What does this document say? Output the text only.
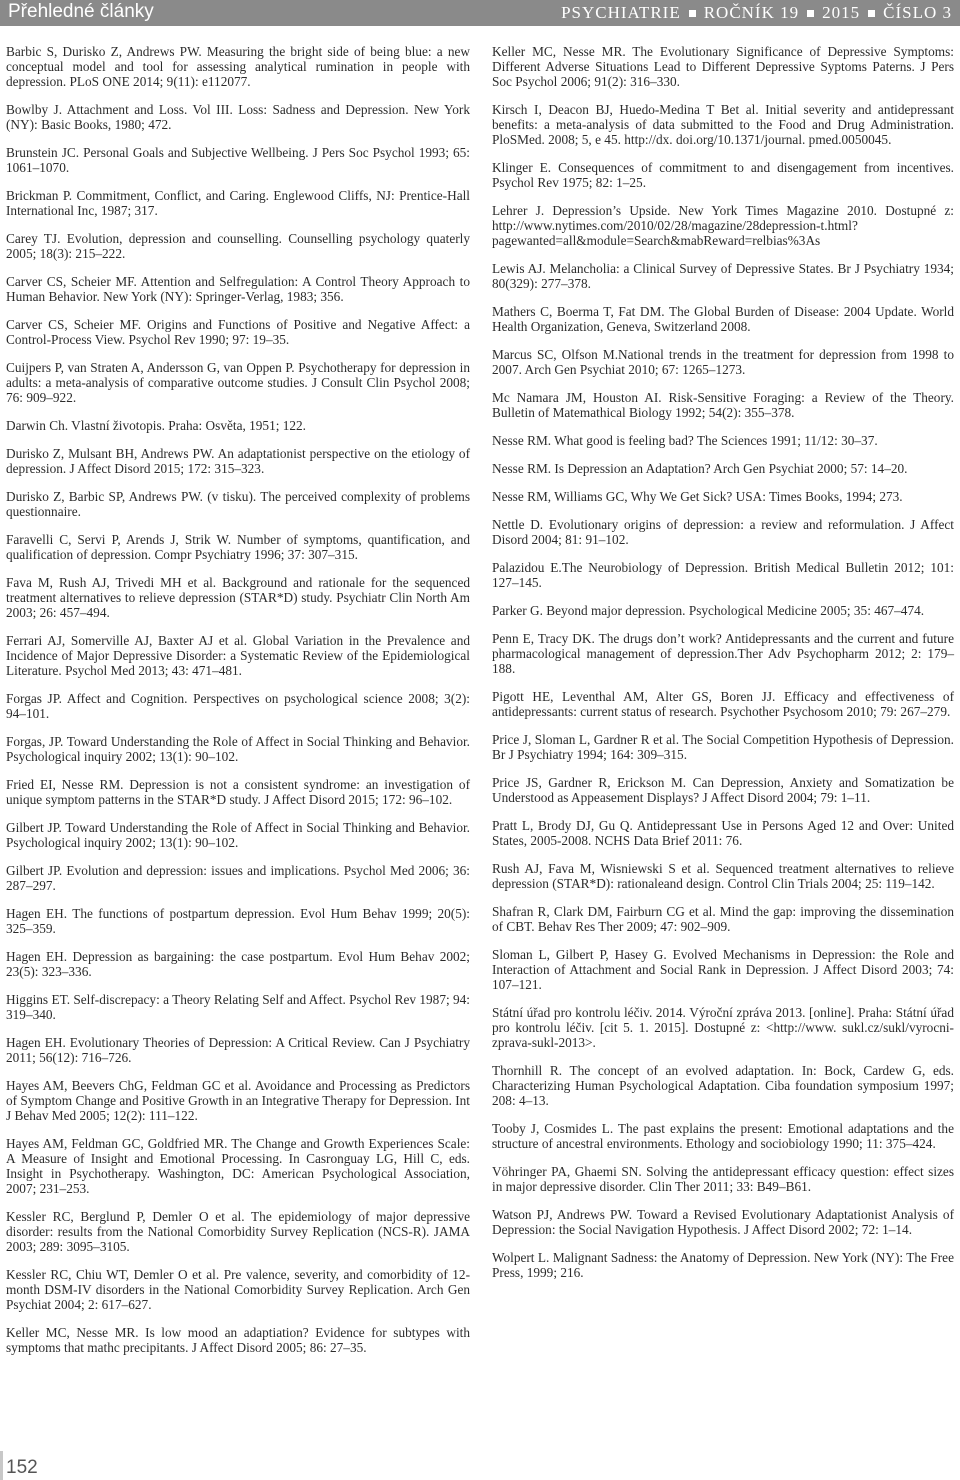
Přehledné články	PSYCHIATRIE ROČNÍK 19 2015 ČÍSLO 3

Barbic S, Durisko Z, Andrews PW. Measuring the bright side of being blue: a new conceptual model and tool for assessing analytical rumination in people with depression. PLoS ONE 2014; 9(11): e112077.

Bowlby J. Attachment and Loss. Vol III. Loss: Sadness and Depression. New York (NY): Basic Books, 1980; 472.

Brunstein JC. Personal Goals and Subjective Wellbeing. J Pers Soc Psychol 1993; 65: 1061–1070.

Brickman P. Commitment, Conflict, and Caring. Englewood Cliffs, NJ: Prentice-Hall International Inc, 1987; 317.

Carey TJ. Evolution, depression and counselling. Counselling psychology quaterly 2005; 18(3): 215–222.

Carver CS, Scheier MF. Attention and Selfregulation: A Control Theory Approach to Human Behavior. New York (NY): Springer-Verlag, 1983; 356.

Carver CS, Scheier MF. Origins and Functions of Positive and Negative Affect: a Control-Process View. Psychol Rev 1990; 97: 19–35.

Cuijpers P, van Straten A, Andersson G, van Oppen P. Psychotherapy for depression in adults: a meta-analysis of comparative outcome studies. J Consult Clin Psychol 2008; 76: 909–922.

Darwin Ch. Vlastní životopis. Praha: Osvěta, 1951; 122.

Durisko Z, Mulsant BH, Andrews PW. An adaptationist perspective on the etiology of depression. J Affect Disord 2015; 172: 315–323.

Durisko Z, Barbic SP, Andrews PW. (v tisku). The perceived complexity of problems questionnaire.

Faravelli C, Servi P, Arends J, Strik W. Number of symptoms, quantification, and qualification of depression. Compr Psychiatry 1996; 37: 307–315.

Fava M, Rush AJ, Trivedi MH et al. Background and rationale for the sequenced treatment alternatives to relieve depression (STAR*D) study. Psychiatr Clin North Am 2003; 26: 457–494.

Ferrari AJ, Somerville AJ, Baxter AJ et al. Global Variation in the Prevalence and Incidence of Major Depressive Disorder: a Systematic Review of the Epidemiological Literature. Psychol Med 2013; 43: 471–481.

Forgas JP. Affect and Cognition. Perspectives on psychological science 2008; 3(2): 94–101.

Forgas, JP. Toward Understanding the Role of Affect in Social Thinking and Behavior. Psychological inquiry 2002; 13(1): 90–102.

Fried EI, Nesse RM. Depression is not a consistent syndrome: an investigation of unique symptom patterns in the STAR*D study. J Affect Disord 2015; 172: 96–102.

Gilbert JP. Toward Understanding the Role of Affect in Social Thinking and Behavior. Psychological inquiry 2002; 13(1): 90–102.

Gilbert JP. Evolution and depression: issues and implications. Psychol Med 2006; 36: 287–297.

Hagen EH. The functions of postpartum depression. Evol Hum Behav 1999; 20(5): 325–359.

Hagen EH. Depression as bargaining: the case postpartum. Evol Hum Behav 2002; 23(5): 323–336.

Higgins ET. Self-discrepacy: a Theory Relating Self and Affect. Psychol Rev 1987; 94: 319–340.

Hagen EH. Evolutionary Theories of Depression: A Critical Review. Can J Psychiatry 2011; 56(12): 716–726.

Hayes AM, Beevers ChG, Feldman GC et al. Avoidance and Processing as Predictors of Symptom Change and Positive Growth in an Integrative Therapy for Depression. Int J Behav Med 2005; 12(2): 111–122.

Hayes AM, Feldman GC, Goldfried MR. The Change and Growth Experiences Scale: A Measure of Insight and Emotional Processing. In Casronguay LG, Hill C, eds. Insight in Psychotherapy. Washington, DC: American Psychological Association, 2007; 231–253.

Kessler RC, Berglund P, Demler O et al. The epidemiology of major depressive disorder: results from the National Comorbidity Survey Replication (NCS-R). JAMA 2003; 289: 3095–3105.

Kessler RC, Chiu WT, Demler O et al. Pre valence, severity, and comorbidity of 12-month DSM-IV disorders in the National Comorbidity Survey Replication. Arch Gen Psychiat 2004; 2: 617–627.

Keller MC, Nesse MR. Is low mood an adaptiation? Evidence for subtypes with symptoms that mathc precipitants. J Affect Disord 2005; 86: 27–35.

Keller MC, Nesse MR. The Evolutionary Significance of Depressive Symptoms: Different Adverse Situations Lead to Different Depressive Syptoms Paterns. J Pers Soc Psychol 2006; 91(2): 316–330.

Kirsch I, Deacon BJ, Huedo-Medina T Bet al. Initial severity and antidepressant benefits: a meta-analysis of data submitted to the Food and Drug Administration. PloSMed. 2008; 5, e 45. http://dx. doi.org/10.1371/journal. pmed.0050045.

Klinger E. Consequences of commitment to and disengagement from incentives. Psychol Rev 1975; 82: 1–25.

Lehrer J. Depression’s Upside. New York Times Magazine 2010. Dostupné z: http://www.nytimes.com/2010/02/28/magazine/28depression-t.html?pagewanted=all&module=Search&mabReward=relbias%3As

Lewis AJ. Melancholia: a Clinical Survey of Depressive States. Br J Psychiatry 1934; 80(329): 277–378.

Mathers C, Boerma T, Fat DM. The Global Burden of Disease: 2004 Update. World Health Organization, Geneva, Switzerland 2008.

Marcus SC, Olfson M.National trends in the treatment for depression from 1998 to 2007. Arch Gen Psychiat 2010; 67: 1265–1273.

Mc Namara JM, Houston AI. Risk-Sensitive Foraging: a Review of the Theory. Bulletin of Matemathical Biology 1992; 54(2): 355–378.

Nesse RM. What good is feeling bad? The Sciences 1991; 11/12: 30–37.

Nesse RM. Is Depression an Adaptation? Arch Gen Psychiat 2000; 57: 14–20.

Nesse RM, Williams GC, Why We Get Sick? USA: Times Books, 1994; 273.

Nettle D. Evolutionary origins of depression: a review and reformulation. J Affect Disord 2004; 81: 91–102.

Palazidou E.The Neurobiology of Depression. British Medical Bulletin 2012; 101: 127–145.

Parker G. Beyond major depression. Psychological Medicine 2005; 35: 467–474.

Penn E, Tracy DK. The drugs don’t work? Antidepressants and the current and future pharmacological management of depression.Ther Adv Psychopharm 2012; 2: 179–188.

Pigott HE, Leventhal AM, Alter GS, Boren JJ. Efficacy and effectiveness of antidepressants: current status of research. Psychother Psychosom 2010; 79: 267–279.

Price J, Sloman L, Gardner R et al. The Social Competition Hypothesis of Depression. Br J Psychiatry 1994; 164: 309–315.

Price JS, Gardner R, Erickson M. Can Depression, Anxiety and Somatization be Understood as Appeasement Displays? J Affect Disord 2004; 79: 1–11.

Pratt L, Brody DJ, Gu Q. Antidepressant Use in Persons Aged 12 and Over: United States, 2005-2008. NCHS Data Brief 2011: 76.

Rush AJ, Fava M, Wisniewski S et al. Sequenced treatment alternatives to relieve depression (STAR*D): rationaleand design. Control Clin Trials 2004; 25: 119–142.

Shafran R, Clark DM, Fairburn CG et al. Mind the gap: improving the dissemination of CBT. Behav Res Ther 2009; 47: 902–909.

Sloman L, Gilbert P, Hasey G. Evolved Mechanisms in Depression: the Role and Interaction of Attachment and Social Rank in Depression. J Affect Disord 2003; 74: 107–121.

Státní úřad pro kontrolu léčiv. 2014. Výroční zpráva 2013. [online]. Praha: Státní úřad pro kontrolu léčiv. [cit 5. 1. 2015]. Dostupné z: <http://www. sukl.cz/sukl/vyrocni-zprava-sukl-2013>.

Thornhill R. The concept of an evolved adaptation. In: Bock, Cardew G, eds. Characterizing Human Psychological Adaptation. Ciba foundation symposium 1997; 208: 4–13.

Tooby J, Cosmides L. The past explains the present: Emotional adaptations and the structure of ancestral environments. Ethology and sociobiology 1990; 11: 375–424.

Vöhringer PA, Ghaemi SN. Solving the antidepressant efficacy question: effect sizes in major depressive disorder. Clin Ther 2011; 33: B49–B61.

Watson PJ, Andrews PW. Toward a Revised Evolutionary Adaptationist Analysis of Depression: the Social Navigation Hypothesis. J Affect Disord 2002; 72: 1–14.

Wolpert L. Malignant Sadness: the Anatomy of Depression. New York (NY): The Free Press, 1999; 216.

152
